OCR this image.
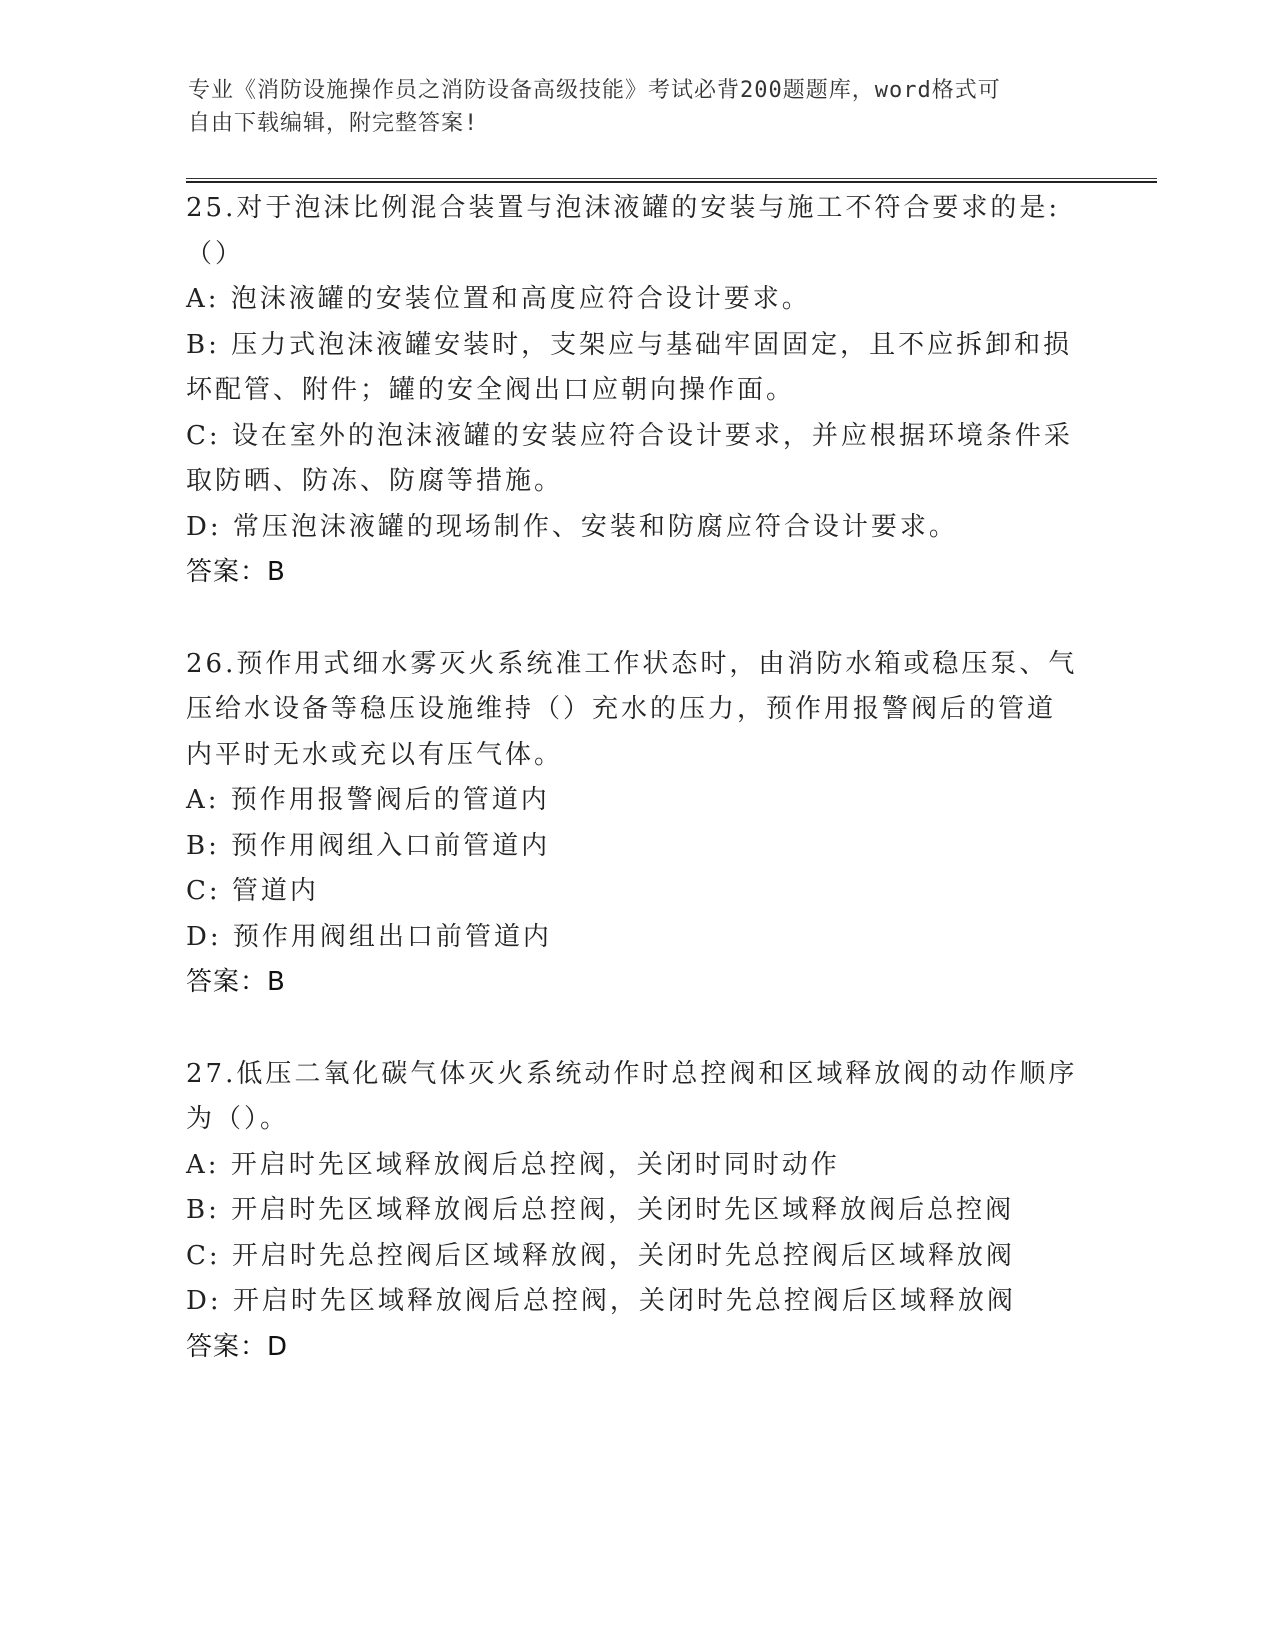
专业《消防设施操作员之消防设备高级技能》考试必背200题题库，word格式可
自由下载编辑，附完整答案!
25.对于泡沫比例混合装置与泡沫液罐的安装与施工不符合要求的是:
（）
A: 泡沫液罐的安装位置和高度应符合设计要求。
B: 压力式泡沫液罐安装时，支架应与基础牢固固定，且不应拆卸和损
坏配管、附件；罐的安全阀出口应朝向操作面。
C: 设在室外的泡沫液罐的安装应符合设计要求，并应根据环境条件采
取防晒、防冻、防腐等措施。
D: 常压泡沫液罐的现场制作、安装和防腐应符合设计要求。
答案：B
26.预作用式细水雾灭火系统准工作状态时，由消防水箱或稳压泵、气
压给水设备等稳压设施维持（）充水的压力，预作用报警阀后的管道
内平时无水或充以有压气体。
A: 预作用报警阀后的管道内
B: 预作用阀组入口前管道内
C: 管道内
D: 预作用阀组出口前管道内
答案：B
27.低压二氧化碳气体灭火系统动作时总控阀和区域释放阀的动作顺序
为（）。
A: 开启时先区域释放阀后总控阀，关闭时同时动作
B: 开启时先区域释放阀后总控阀，关闭时先区域释放阀后总控阀
C: 开启时先总控阀后区域释放阀，关闭时先总控阀后区域释放阀
D: 开启时先区域释放阀后总控阀，关闭时先总控阀后区域释放阀
答案：D
